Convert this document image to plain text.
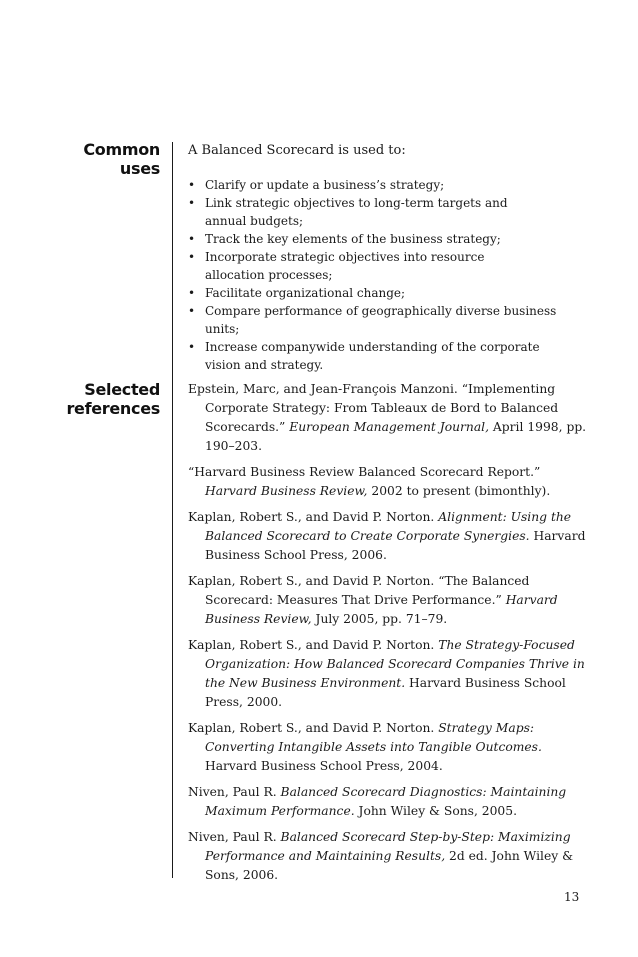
Common
uses
Selected
references

A Balanced Scorecard is used to:

• Clarify or update a business’s strategy;
• Link strategic objectives to long-term targets and
annual budgets;
• Track the key elements of the business strategy;
• Incorporate strategic objectives into resource
allocation processes;
• Facilitate organizational change;
• Compare performance of geographically diverse business units;
• Increase companywide understanding of the corporate
vision and strategy.
Epstein, Marc, and Jean-François Manzoni. “Implementing Corporate Strategy: From Tableaux de Bord to Balanced Scorecards.” European Management Journal, April 1998, pp. 190–203.
“Harvard Business Review Balanced Scorecard Report.” Harvard Business Review, 2002 to present (bimonthly).
Kaplan, Robert S., and David P. Norton. Alignment: Using the Balanced Scorecard to Create Corporate Synergies. Harvard Business School Press, 2006.
Kaplan, Robert S., and David P. Norton. “The Balanced Scorecard: Measures That Drive Performance.” Harvard Business Review, July 2005, pp. 71–79.
Kaplan, Robert S., and David P. Norton. The Strategy-Focused Organization: How Balanced Scorecard Companies Thrive in the New Business Environment. Harvard Business School Press, 2000.
Kaplan, Robert S., and David P. Norton. Strategy Maps: Converting Intangible Assets into Tangible Outcomes. Harvard Business School Press, 2004.
Niven, Paul R. Balanced Scorecard Diagnostics: Maintaining Maximum Performance. John Wiley & Sons, 2005.
Niven, Paul R. Balanced Scorecard Step-by-Step: Maximizing Performance and Maintaining Results, 2d ed. John Wiley & Sons, 2006.
13
